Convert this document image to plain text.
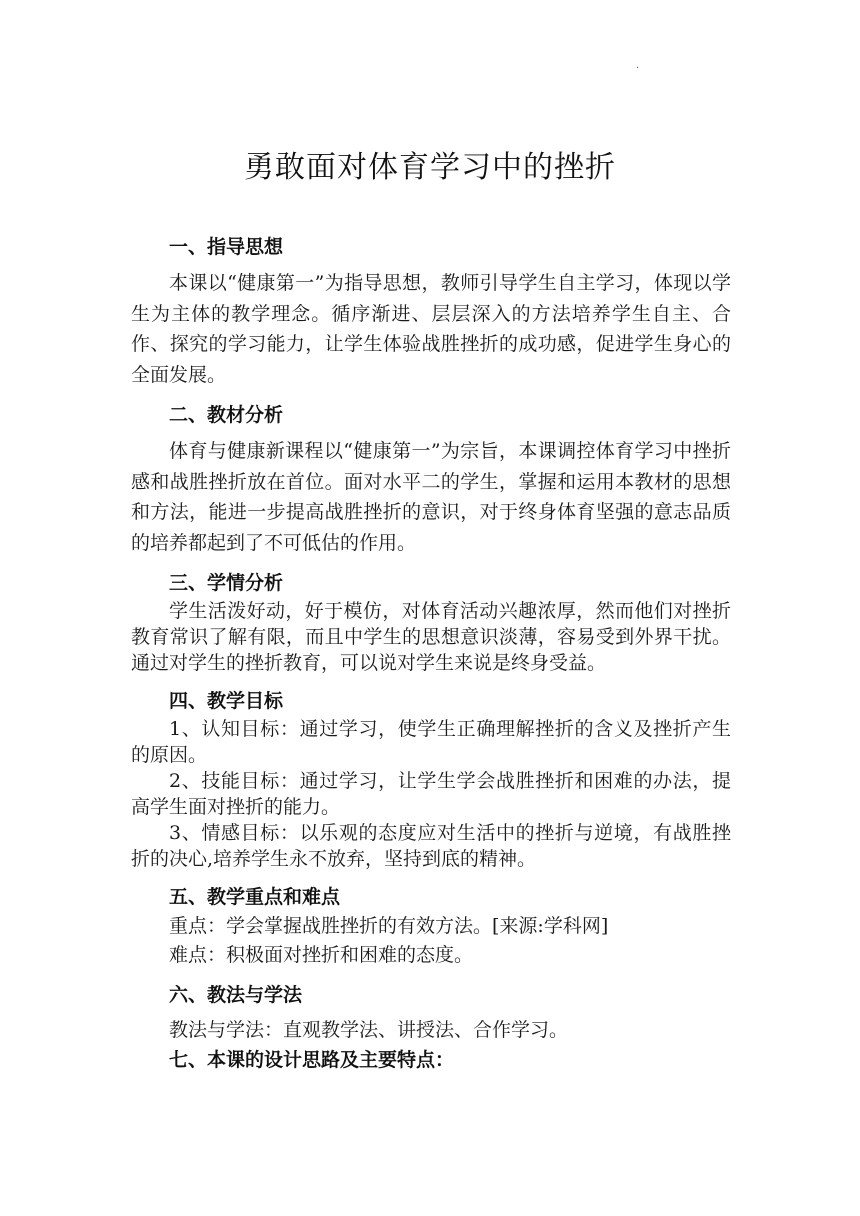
.
勇敢面对体育学习中的挫折
一、指导思想

本课以“健康第一”为指导思想，教师引导学生自主学习，体现以学生为主体的教学理念。循序渐进、层层深入的方法培养学生自主、合作、探究的学习能力，让学生体验战胜挫折的成功感，促进学生身心的全面发展。

二、教材分析

体育与健康新课程以“健康第一”为宗旨，本课调控体育学习中挫折感和战胜挫折放在首位。面对水平二的学生，掌握和运用本教材的思想和方法，能进一步提高战胜挫折的意识，对于终身体育坚强的意志品质的培养都起到了不可低估的作用。

三、学情分析

学生活泼好动，好于模仿，对体育活动兴趣浓厚，然而他们对挫折教育常识了解有限，而且中学生的思想意识淡薄，容易受到外界干扰。通过对学生的挫折教育，可以说对学生来说是终身受益。

四、教学目标

1、认知目标：通过学习，使学生正确理解挫折的含义及挫折产生的原因。

2、技能目标：通过学习，让学生学会战胜挫折和困难的办法，提高学生面对挫折的能力。

3、情感目标：以乐观的态度应对生活中的挫折与逆境，有战胜挫折的决心,培养学生永不放弃，坚持到底的精神。

五、教学重点和难点
重点：学会掌握战胜挫折的有效方法。[来源:学科网]
难点：积极面对挫折和困难的态度。
六、教法与学法
教法与学法：直观教学法、讲授法、合作学习。
七、本课的设计思路及主要特点：
